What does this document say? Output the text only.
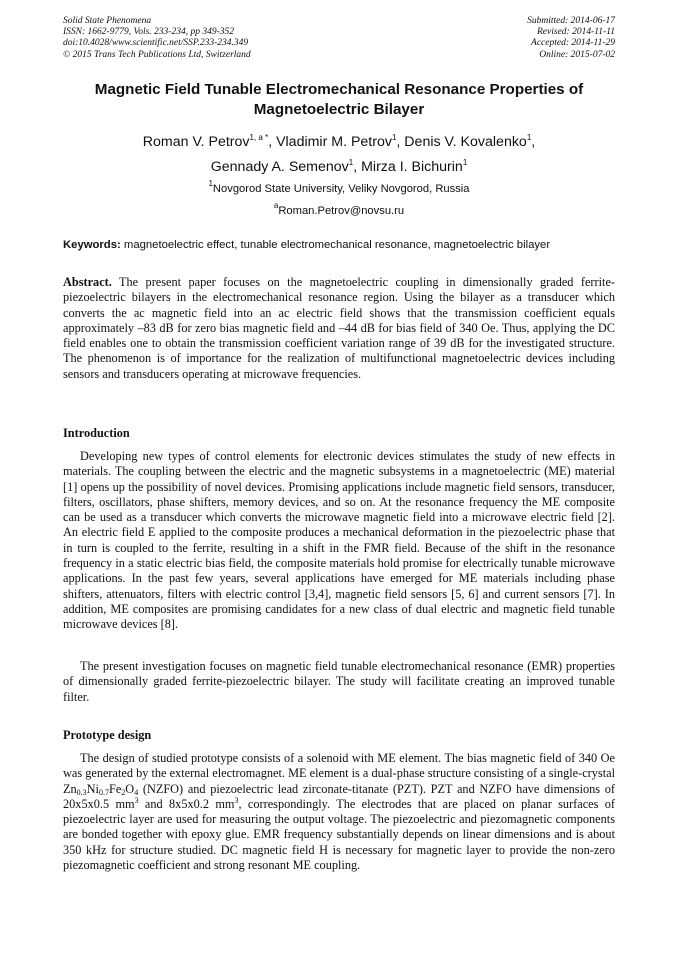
Solid State Phenomena
ISSN: 1662-9779, Vols. 233-234, pp 349-352
doi:10.4028/www.scientific.net/SSP.233-234.349
© 2015 Trans Tech Publications Ltd, Switzerland
Submitted: 2014-06-17
Revised: 2014-11-11
Accepted: 2014-11-29
Online: 2015-07-02
Magnetic Field Tunable Electromechanical Resonance Properties of
Magnetoelectric Bilayer
Roman V. Petrov$^{1, a *}$, Vladimir M. Petrov$^1$, Denis V. Kovalenko$^1$,
Gennady A. Semenov$^1$, Mirza I. Bichurin$^1$
$^1$Novgorod State University, Veliky Novgorod, Russia
$^a$Roman.Petrov@novsu.ru
Keywords: magnetoelectric effect, tunable electromechanical resonance, magnetoelectric bilayer
Abstract. The present paper focuses on the magnetoelectric coupling in dimensionally graded ferrite-piezoelectric bilayers in the electromechanical resonance region. Using the bilayer as a transducer which converts the ac magnetic field into an ac electric field shows that the transmission coefficient equals approximately –83 dB for zero bias magnetic field and –44 dB for bias field of 340 Oe. Thus, applying the DC field enables one to obtain the transmission coefficient variation range of 39 dB for the investigated structure. The phenomenon is of importance for the realization of multifunctional magnetoelectric devices including sensors and transducers operating at microwave frequencies.
Introduction

Developing new types of control elements for electronic devices stimulates the study of new effects in materials. The coupling between the electric and the magnetic subsystems in a magnetoelectric (ME) material [1] opens up the possibility of novel devices. Promising applications include magnetic field sensors, transducer, filters, oscillators, phase shifters, memory devices, and so on. At the resonance frequency the ME composite can be used as a transducer which converts the microwave magnetic field into a microwave electric field [2]. An electric field E applied to the composite produces a mechanical deformation in the piezoelectric phase that in turn is coupled to the ferrite, resulting in a shift in the FMR field. Because of the shift in the resonance frequency in a static electric bias field, the composite materials hold promise for electrically tunable microwave applications. In the past few years, several applications have emerged for ME materials including phase shifters, attenuators, filters with electric control [3,4], magnetic field sensors [5, 6] and current sensors [7]. In addition, ME composites are promising candidates for a new class of dual electric and magnetic field tunable microwave devices [8].

The present investigation focuses on magnetic field tunable electromechanical resonance (EMR) properties of dimensionally graded ferrite-piezoelectric bilayer. The study will facilitate creating an improved tunable filter.

Prototype design

The design of studied prototype consists of a solenoid with ME element. The bias magnetic field of 340 Oe was generated by the external electromagnet. ME element is a dual-phase structure consisting of a single-crystal $Zn_{0.3}Ni_{0.7}Fe_2O_4$ (NZFO) and piezoelectric lead zirconate-titanate (PZT). PZT and NZFO have dimensions of 20x5x0.5 $mm^3$ and 8x5x0.2 $mm^3$, correspondingly. The electrodes that are placed on planar surfaces of piezoelectric layer are used for measuring the output voltage. The piezoelectric and piezomagnetic components are bonded together with epoxy glue. EMR frequency substantially depends on linear dimensions and is about 350 kHz for structure studied. DC magnetic field H is necessary for magnetic layer to provide the non-zero piezomagnetic coefficient and strong resonant ME coupling.
